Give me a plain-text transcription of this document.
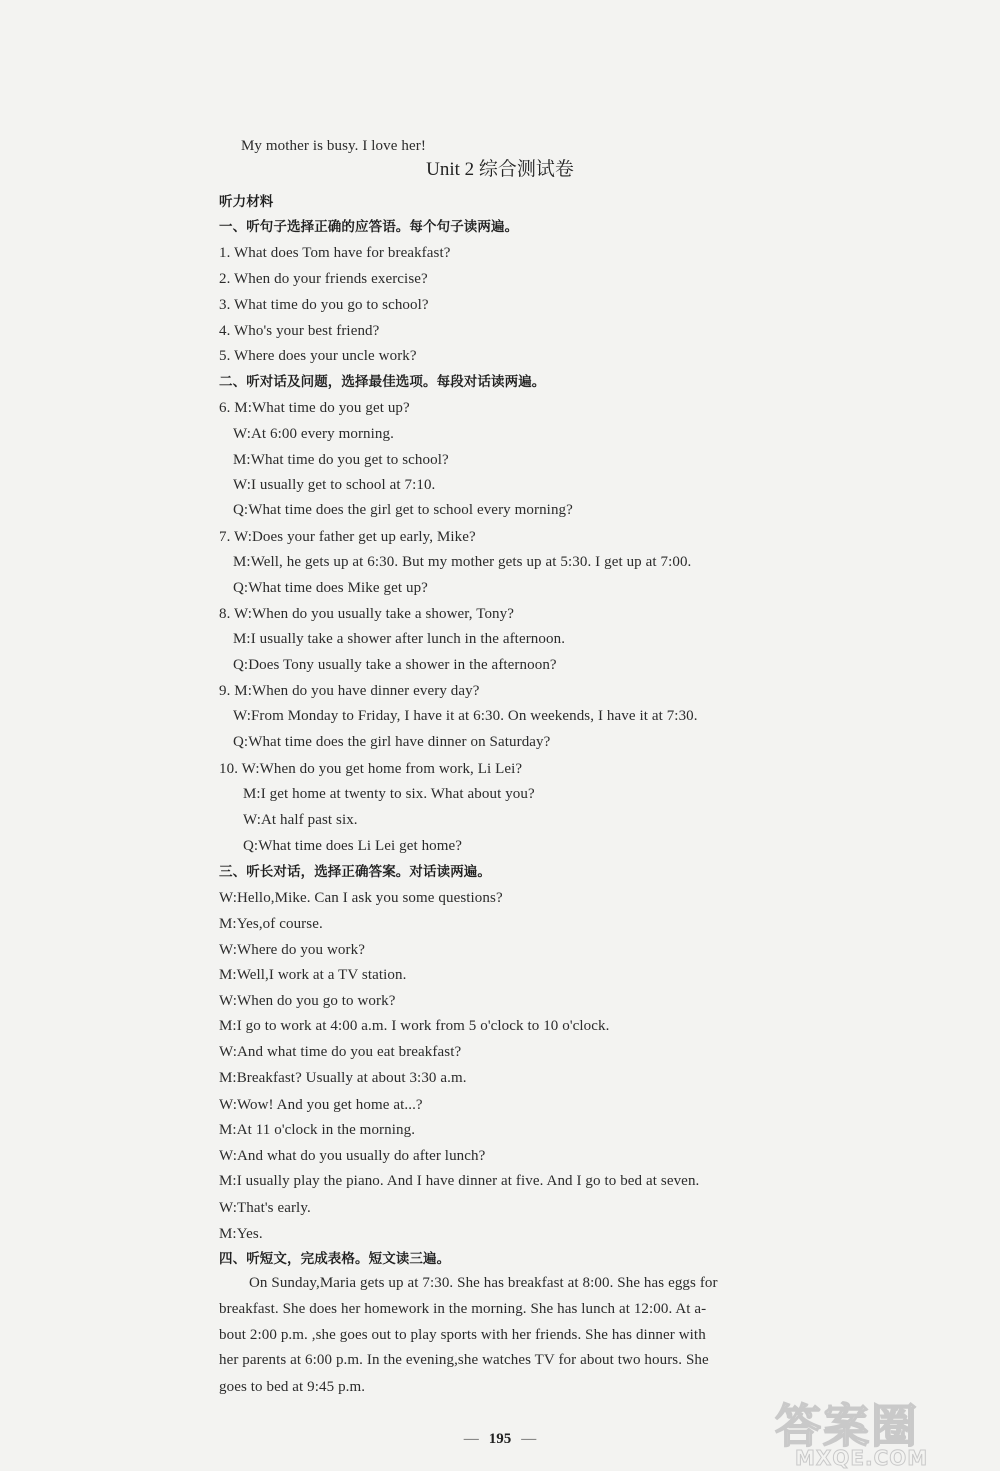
My mother is busy. I love her!
Unit 2 综合测试卷
听力材料
一、听句子选择正确的应答语。每个句子读两遍。
1. What does Tom have for breakfast?
2. When do your friends exercise?
3. What time do you go to school?
4. Who's your best friend?
5. Where does your uncle work?
二、听对话及问题，选择最佳选项。每段对话读两遍。
6. M:What time do you get up?
W:At 6:00 every morning.
M:What time do you get to school?
W:I usually get to school at 7:10.
Q:What time does the girl get to school every morning?
7. W:Does your father get up early, Mike?
M:Well, he gets up at 6:30. But my mother gets up at 5:30. I get up at 7:00.
Q:What time does Mike get up?
8. W:When do you usually take a shower, Tony?
M:I usually take a shower after lunch in the afternoon.
Q:Does Tony usually take a shower in the afternoon?
9. M:When do you have dinner every day?
W:From Monday to Friday, I have it at 6:30. On weekends, I have it at 7:30.
Q:What time does the girl have dinner on Saturday?
10. W:When do you get home from work, Li Lei?
M:I get home at twenty to six. What about you?
W:At half past six.
Q:What time does Li Lei get home?
三、听长对话，选择正确答案。对话读两遍。
W:Hello,Mike. Can I ask you some questions?
M:Yes,of course.
W:Where do you work?
M:Well,I work at a TV station.
W:When do you go to work?
M:I go to work at 4:00 a.m. I work from 5 o'clock to 10 o'clock.
W:And what time do you eat breakfast?
M:Breakfast? Usually at about 3:30 a.m.
W:Wow! And you get home at...?
M:At 11 o'clock in the morning.
W:And what do you usually do after lunch?
M:I usually play the piano. And I have dinner at five. And I go to bed at seven.
W:That's early.
M:Yes.
四、听短文，完成表格。短文读三遍。
On Sunday,Maria gets up at 7:30. She has breakfast at 8:00. She has eggs for
breakfast. She does her homework in the morning. She has lunch at 12:00. At a-
bout 2:00 p.m. ,she goes out to play sports with her friends. She has dinner with
her parents at 6:00 p.m. In the evening,she watches TV for about two hours. She
goes to bed at 9:45 p.m.
— 195 —	答案圈
MXQE.COM
